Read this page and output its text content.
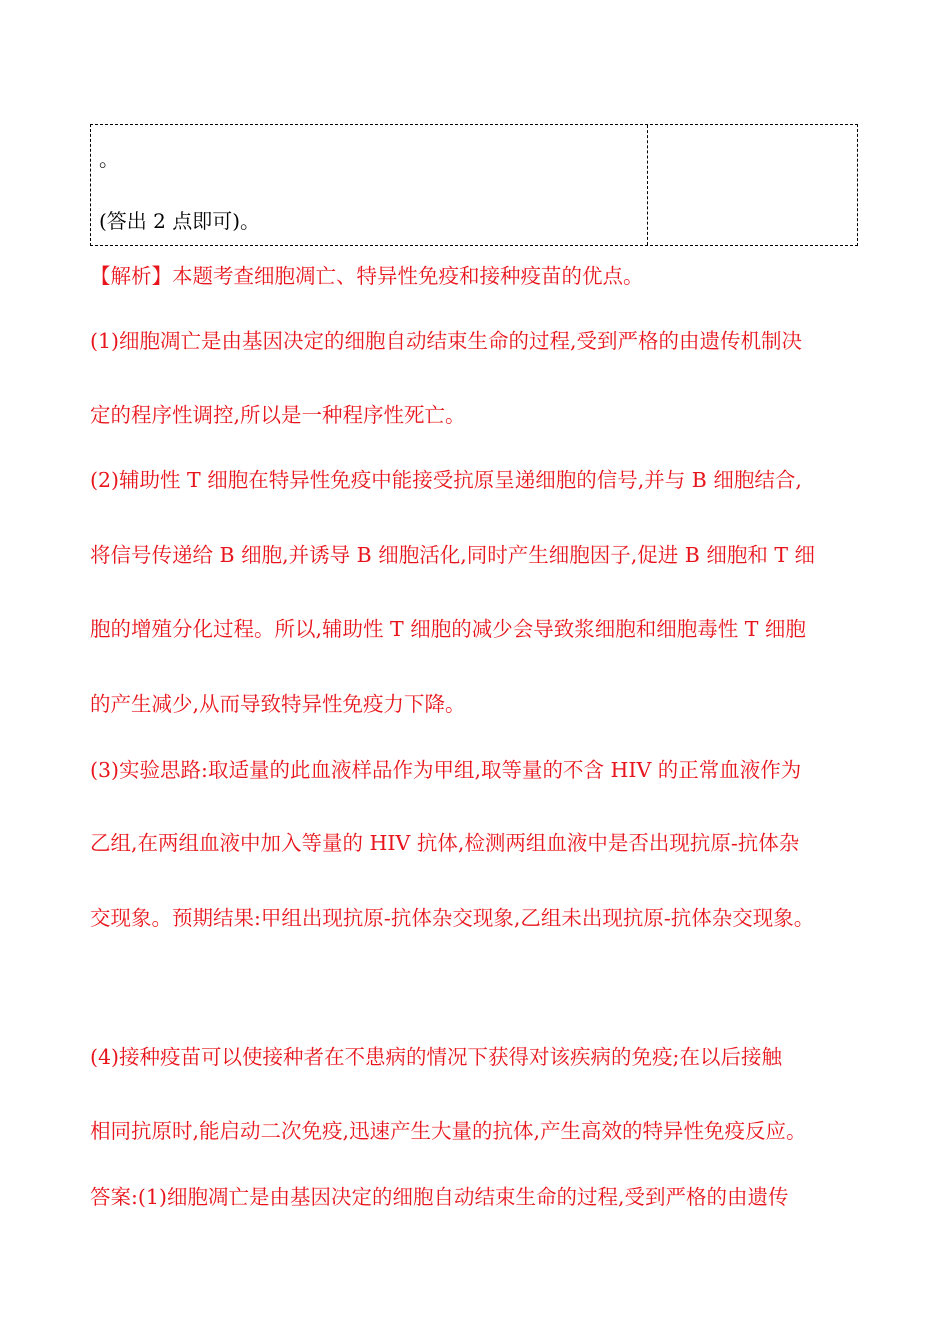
。
(答出 2 点即可)。
【解析】本题考查细胞凋亡、特异性免疫和接种疫苗的优点。
(1)细胞凋亡是由基因决定的细胞自动结束生命的过程,受到严格的由遗传机制决
定的程序性调控,所以是一种程序性死亡。
(2)辅助性 T 细胞在特异性免疫中能接受抗原呈递细胞的信号,并与 B 细胞结合,
将信号传递给 B 细胞,并诱导 B 细胞活化,同时产生细胞因子,促进 B 细胞和 T 细
胞的增殖分化过程。所以,辅助性 T 细胞的减少会导致浆细胞和细胞毒性 T 细胞
的产生减少,从而导致特异性免疫力下降。
(3)实验思路:取适量的此血液样品作为甲组,取等量的不含 HIV 的正常血液作为
乙组,在两组血液中加入等量的 HIV 抗体,检测两组血液中是否出现抗原-抗体杂
交现象。预期结果:甲组出现抗原-抗体杂交现象,乙组未出现抗原-抗体杂交现象。
(4)接种疫苗可以使接种者在不患病的情况下获得对该疾病的免疫;在以后接触
相同抗原时,能启动二次免疫,迅速产生大量的抗体,产生高效的特异性免疫反应。
答案:(1)细胞凋亡是由基因决定的细胞自动结束生命的过程,受到严格的由遗传
